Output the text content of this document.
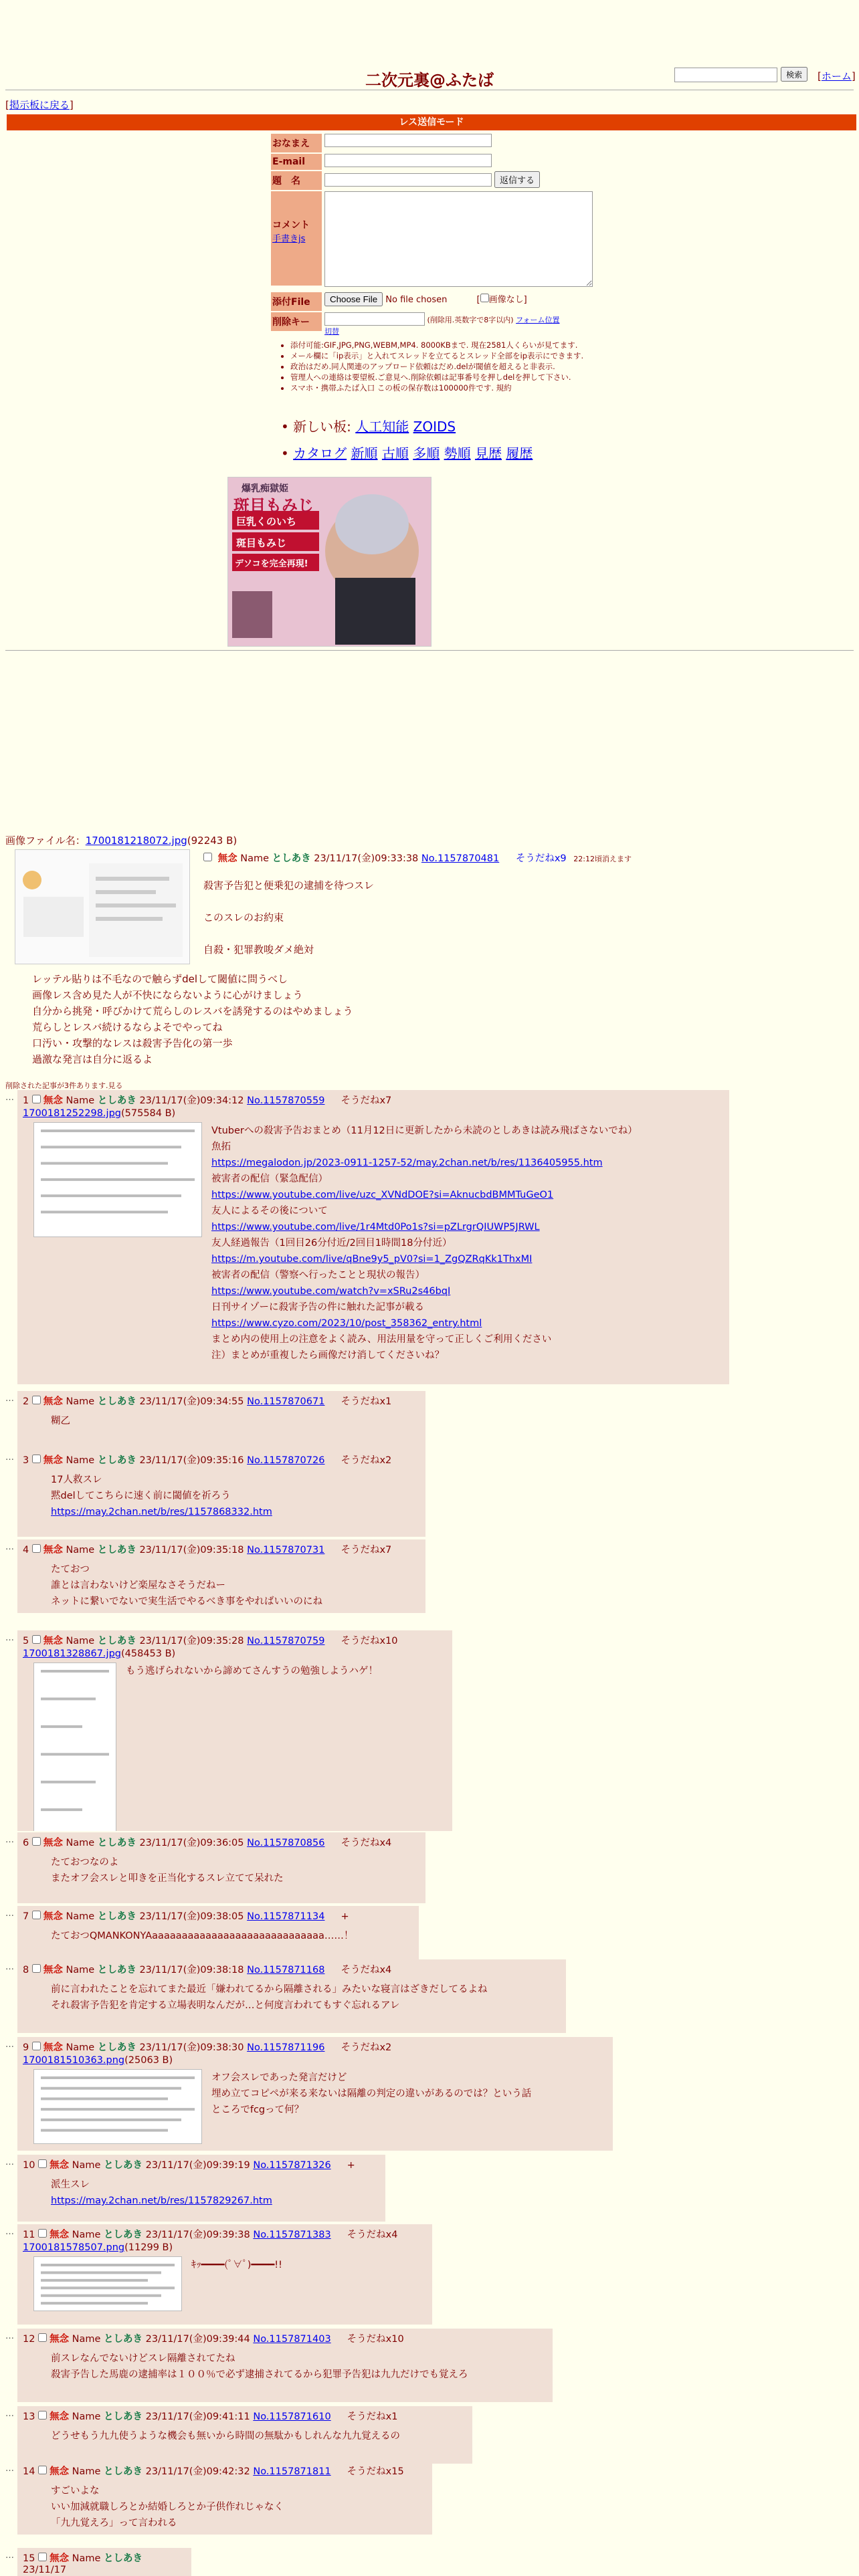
二次元裏@ふたば	検索	[ホーム]
[掲示板に戻る]
レス送信モード
おなまえ
E-mail
題　名	返信する
コメント
手書きjs
添付File	Choose File No file chosen	[ 画像なし]
削除キー	(削除用.英数字で8字以内) フォーム位置
切替
• 添付可能:GIF,JPG,PNG,WEBM,MP4. 8000KBまで. 現在2581人くらいが見てます.
• メール欄に「ip表示」と入れてスレッドを立てるとスレッド全部をip表示にできます.
• 政治はだめ.同人関連のアップロード依頼はだめ.delが閾値を超えると非表示.
• 管理人への連絡は要望板.ご意見へ.削除依頼は記事番号を押しdelを押して下さい.
• スマホ・携帯ふたば入口 この板の保存数は100000件です. 規約
• 新しい板: 人工知能 ZOIDS
• カタログ 新順 古順 多順 勢順 見歴 履歴
爆乳痴獄姫
斑目もみじ
巨乳くのいち
斑目もみじ
デソコを完全再現!
画像ファイル名：1700181218072.jpg(92243 B)
無念 Name としあき 23/11/17(金)09:33:38 No.1157870481 そうだねx9 22:12頃消えます
殺害予告犯と便乗犯の逮捕を待つスレ
このスレのお約束
自殺・犯罪教唆ダメ絶対
レッテル貼りは不毛なので触らずdelして閾値に問うべし
画像レス含め見た人が不快にならないように心がけましょう
自分から挑発・呼びかけて荒らしのレスバを誘発するのはやめましょう
荒らしとレスバ続けるならよそでやってね
口汚い・攻撃的なレスは殺害予告化の第一歩
過激な発言は自分に返るよ
削除された記事が3件あります.見る
… 1 無念 Name としあき 23/11/17(金)09:34:12 No.1157870559 そうだねx7
1700181252298.jpg(575584 B)
Vtuberへの殺害予告おまとめ（11月12日に更新したから未読のとしあきは読み飛ばさないでね）
魚拓
https://megalodon.jp/2023-0911-1257-52/may.2chan.net/b/res/1136405955.htm
被害者の配信（緊急配信）
https://www.youtube.com/live/uzc_XVNdDOE?si=AknucbdBMMTuGeO1
友人によるその後について
https://www.youtube.com/live/1r4Mtd0Po1s?si=pZLrgrQIUWP5JRWL
友人経過報告（1回目26分付近/2回目1時間18分付近）
https://m.youtube.com/live/qBne9y5_pV0?si=1_ZgQZRqKk1ThxMI
被害者の配信（警察へ行ったことと現状の報告）
https://www.youtube.com/watch?v=xSRu2s46bqI
日刊サイゾーに殺害予告の件に触れた記事が載る
https://www.cyzo.com/2023/10/post_358362_entry.html
まとめ内の使用上の注意をよく読み、用法用量を守って正しくご利用ください
注）まとめが重複したら画像だけ消してくださいね？
… 2 無念 Name としあき 23/11/17(金)09:34:55 No.1157870671 そうだねx1
糊乙
… 3 無念 Name としあき 23/11/17(金)09:35:16 No.1157870726 そうだねx2
17人救スレ
黙delしてこちらに速く前に閾値を祈ろう
https://may.2chan.net/b/res/1157868332.htm
… 4 無念 Name としあき 23/11/17(金)09:35:18 No.1157870731 そうだねx7
たておつ
誰とは言わないけど楽屋なさそうだねー
ネットに繋いでないで実生活でやるべき事をやればいいのにね
… 5 無念 Name としあき 23/11/17(金)09:35:28 No.1157870759 そうだねx10
1700181328867.jpg(458453 B)
もう逃げられないから諦めてさんすうの勉強しようハゲ！
… 6 無念 Name としあき 23/11/17(金)09:36:05 No.1157870856 そうだねx4
たておつなのよ
またオフ会スレと叩きを正当化するスレ立てて呆れた
… 7 無念 Name としあき 23/11/17(金)09:38:05 No.1157871134 +
たておつQMANKONYAaaaaaaaaaaaaaaaaaaaaaaaaaaaaa……！
… 8 無念 Name としあき 23/11/17(金)09:38:18 No.1157871168 そうだねx4
前に言われたことを忘れてまた最近「嫌われてるから隔離される」みたいな寝言はざきだしてるよね
それ殺害予告犯を肯定する立場表明なんだが…と何度言われてもすぐ忘れるアレ
… 9 無念 Name としあき 23/11/17(金)09:38:30 No.1157871196 そうだねx2
1700181510363.png(25063 B)
オフ会スレであった発言だけど
埋め立てコピペが来る来ないは隔離の判定の違いがあるのでは？という話
ところでfcgって何？
… 10 無念 Name としあき 23/11/17(金)09:39:19 No.1157871326 +
派生スレ
https://may.2chan.net/b/res/1157829267.htm
… 11 無念 Name としあき 23/11/17(金)09:39:38 No.1157871383 そうだねx4
1700181578507.png(11299 B)
ｷｯ━━━━(ﾟ∀ﾟ)━━━━!!
… 12 無念 Name としあき 23/11/17(金)09:39:44 No.1157871403 そうだねx10
前スレなんでないけどスレ隔離されてたね
殺害予告した馬鹿の逮捕率は１００％で必ず逮捕されてるから犯罪予告犯は九九だけでも覚えろ
… 13 無念 Name としあき 23/11/17(金)09:41:11 No.1157871610 そうだねx1
どうせもう九九使うような機会も無いから時間の無駄かもしれんな九九覚えるの
… 14 無念 Name としあき 23/11/17(金)09:42:32 No.1157871811 そうだねx15
すごいよな
いい加減就職しろとか結婚しろとか子供作れじゃなく
「九九覚えろ」って言われる
… 15 無念 Name としあき 23/11/17
